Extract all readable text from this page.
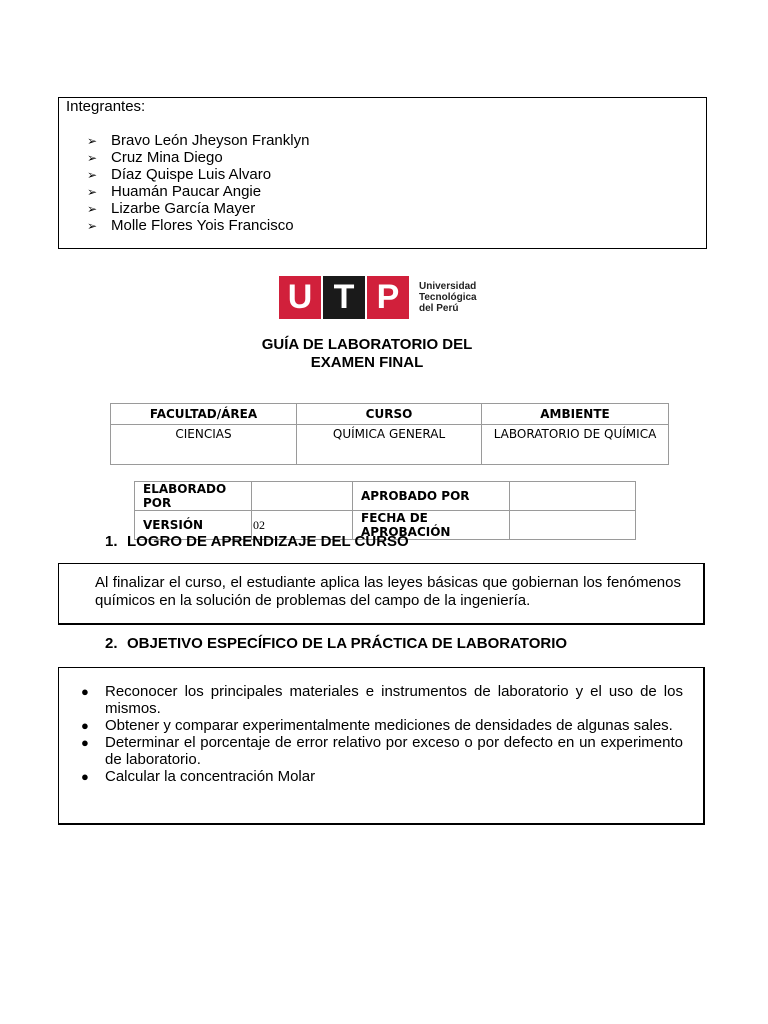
Integrantes:
➢ Bravo León Jheyson Franklyn
➢ Cruz Mina Diego
➢ Díaz Quispe Luis Alvaro
➢ Huamán Paucar Angie
➢ Lizarbe García Mayer
➢ Molle Flores Yois Francisco
U T P	Universidad
Tecnológica
del Perú
GUÍA DE LABORATORIO DEL
EXAMEN FINAL
FACULTAD/ÁREA	CURSO	AMBIENTE
CIENCIAS	QUÍMICA GENERAL	LABORATORIO DE QUÍMICA
ELABORADO POR		APROBADO POR	
VERSIÓN	02	FECHA DE APROBACIÓN	
1. LOGRO DE APRENDIZAJE DEL CURSO

Al finalizar el curso, el estudiante aplica las leyes básicas que gobiernan los fenómenos químicos en la solución de problemas del campo de la ingeniería.

2. OBJETIVO ESPECÍFICO DE LA PRÁCTICA DE LABORATORIO
● Reconocer los principales materiales e instrumentos de laboratorio y el uso de los mismos.
● Obtener y comparar experimentalmente mediciones de densidades de algunas sales.
● Determinar el porcentaje de error relativo por exceso o por defecto en un experimento de laboratorio.
● Calcular la concentración Molar
